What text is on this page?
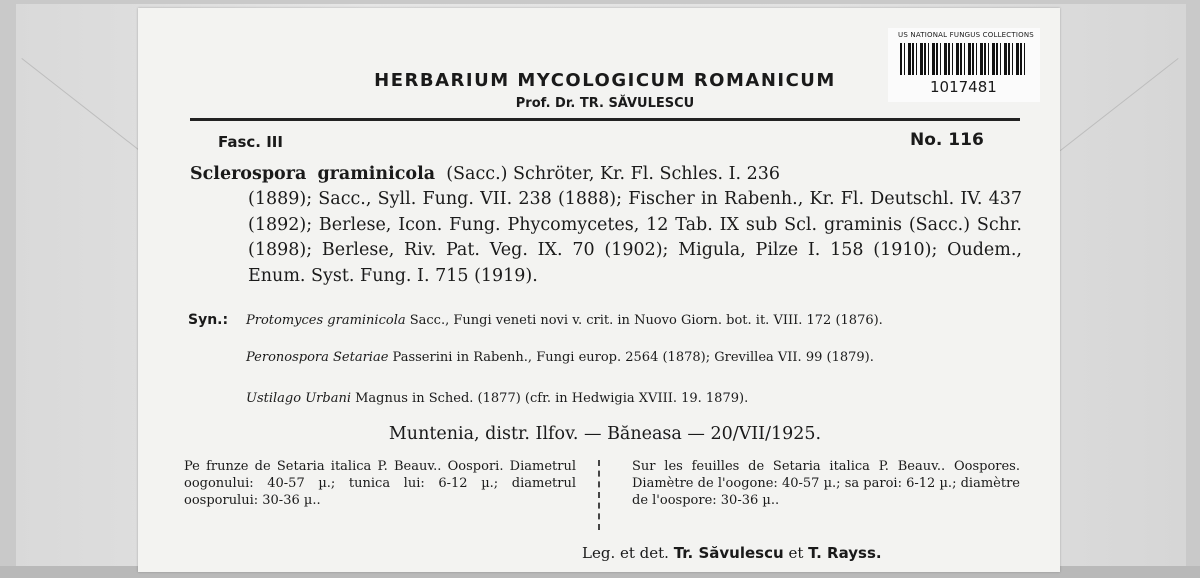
US NATIONAL FUNGUS COLLECTIONS
1017481
HERBARIUM MYCOLOGICUM ROMANICUM
Prof. Dr. TR. SĂVULESCU
Fasc. III	No. 116
Sclerospora graminicola (Sacc.) Schröter, Kr. Fl. Schles. I. 236
(1889); Sacc., Syll. Fung. VII. 238 (1888); Fischer in Rabenh., Kr. Fl. Deutschl. IV. 437 (1892); Berlese, Icon. Fung. Phycomycetes, 12 Tab. IX sub Scl. graminis (Sacc.) Schr. (1898); Berlese, Riv. Pat. Veg. IX. 70 (1902); Migula, Pilze I. 158 (1910); Oudem., Enum. Syst. Fung. I. 715 (1919).
Syn.: Protomyces graminicola Sacc., Fungi veneti novi v. crit. in Nuovo Giorn. bot. it. VIII. 172 (1876).
Peronospora Setariae Passerini in Rabenh., Fungi europ. 2564 (1878); Grevillea VII. 99 (1879).
Ustilago Urbani Magnus in Sched. (1877) (cfr. in Hedwigia XVIII. 19. 1879).
Muntenia, distr. Ilfov. — Băneasa — 20/VII/1925.
Pe frunze de Setaria italica P. Beauv.. Oospori. Diametrul oogonului: 40-57 µ.; tunica lui: 6-12 µ.; diametrul oosporului: 30-36 µ..
Sur les feuilles de Setaria italica P. Beauv.. Oospores. Diamètre de l'oogone: 40-57 µ.; sa paroi: 6-12 µ.; diamètre de l'oospore: 30-36 µ..
Leg. et det. Tr. Săvulescu et T. Rayss.
